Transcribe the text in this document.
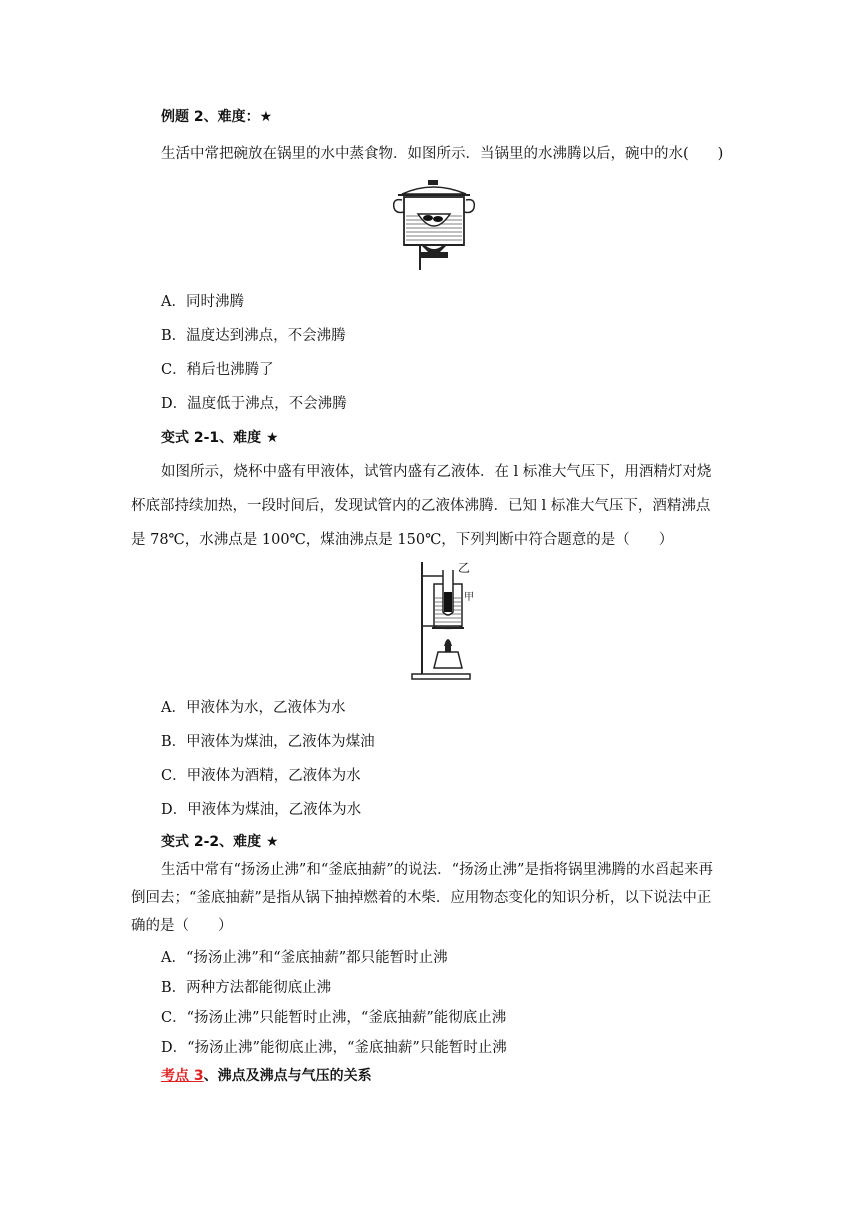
例题 2、难度：★
生活中常把碗放在锅里的水中蒸食物．如图所示．当锅里的水沸腾以后，碗中的水(　　)
A．同时沸腾
B．温度达到沸点，不会沸腾
C．稍后也沸腾了
D．温度低于沸点，不会沸腾
变式 2-1、难度 ★
如图所示，烧杯中盛有甲液体，试管内盛有乙液体．在 l 标准大气压下，用酒精灯对烧
杯底部持续加热，一段时间后，发现试管内的乙液体沸腾．已知 l 标准大气压下，酒精沸点
是 78℃，水沸点是 100℃，煤油沸点是 150℃，下列判断中符合题意的是（　　）
乙
甲
A．甲液体为水，乙液体为水
B．甲液体为煤油，乙液体为煤油
C．甲液体为酒精，乙液体为水
D．甲液体为煤油，乙液体为水
变式 2-2、难度 ★
生活中常有“扬汤止沸”和“釜底抽薪”的说法．“扬汤止沸”是指将锅里沸腾的水舀起来再
倒回去；“釜底抽薪”是指从锅下抽掉燃着的木柴．应用物态变化的知识分析，以下说法中正
确的是（　　）
A．“扬汤止沸”和“釜底抽薪”都只能暂时止沸
B．两种方法都能彻底止沸
C．“扬汤止沸”只能暂时止沸，“釜底抽薪”能彻底止沸
D．“扬汤止沸”能彻底止沸，“釜底抽薪”只能暂时止沸
考点 3、沸点及沸点与气压的关系
